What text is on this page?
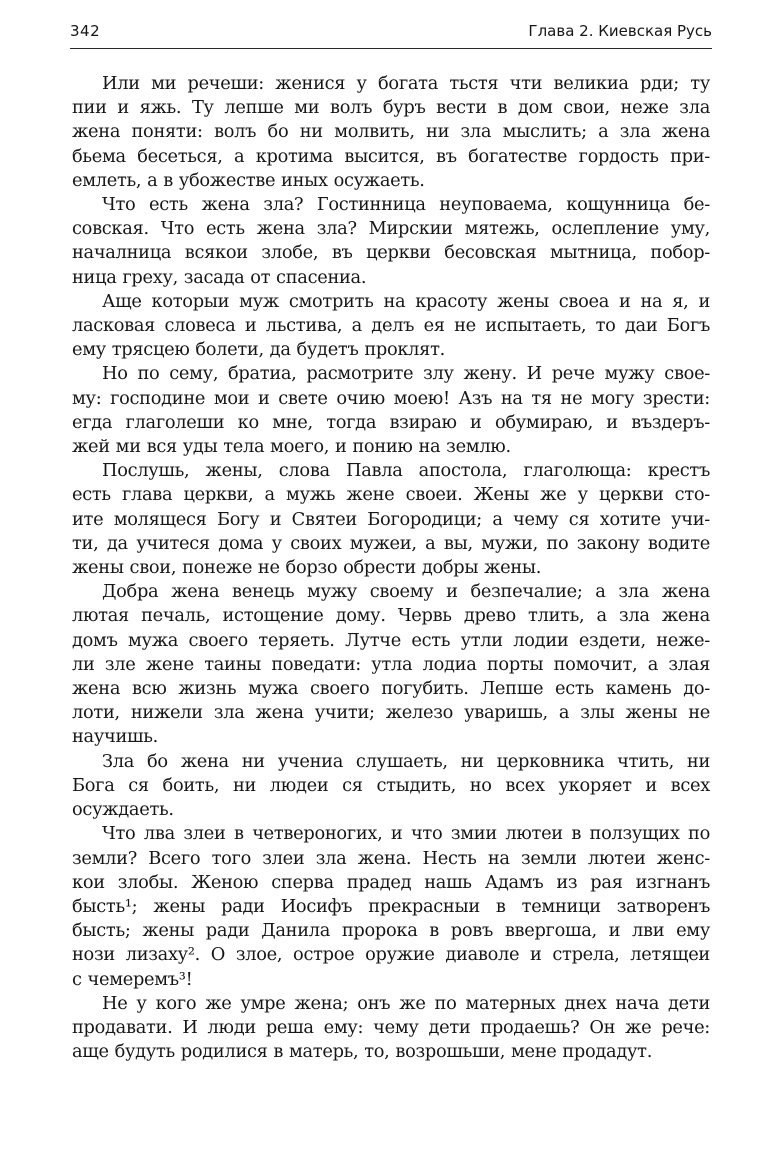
342	Глава 2. Киевская Русь
Или ми речеши: женися у богата тьстя чти великиа рди; ту
пии и яжь. Ту лепше ми волъ буръ вести в дом свои, неже зла
жена поняти: волъ бо ни молвить, ни зла мыслить; а зла жена
бьема бесеться, а кротима высится, въ богатестве гордость при-
емлеть, а в убожестве иных осужаеть.
Что есть жена зла? Гостинница неуповаема, кощунница бе-
совская. Что есть жена зла? Мирскии мятежь, ослепление уму,
началница всякои злобе, въ церкви бесовская мытница, побор-
ница греху, засада от спасениа.
Аще которыи муж смотрить на красоту жены своеа и на я, и
ласковая словеса и льстива, а делъ ея не испытаеть, то даи Богъ
ему трясцею болети, да будетъ проклят.
Но по сему, братиа, расмотрите злу жену. И рече мужу свое-
му: господине мои и свете очию моею! Азъ на тя не могу зрести:
егда глаголеши ко мне, тогда взираю и обумираю, и въздеръ-
жей ми вся уды тела моего, и понию на землю.
Послушь, жены, слова Павла апостола, глаголюща: крестъ
есть глава церкви, а мужь жене своеи. Жены же у церкви сто-
ите молящеся Богу и Святеи Богородици; а чему ся хотите учи-
ти, да учитеся дома у своих мужеи, а вы, мужи, по закону водите
жены свои, понеже не борзо обрести добры жены.
Добра жена венець мужу своему и безпечалие; а зла жена
лютая печаль, истощение дому. Червь древо тлить, а зла жена
домъ мужа своего теряеть. Лутче есть утли лодии ездети, неже-
ли зле жене таины поведати: утла лодиа порты помочит, а злая
жена всю жизнь мужа своего погубить. Лепше есть камень до-
лоти, нижели зла жена учити; железо уваришь, а злы жены не
научишь.
Зла бо жена ни учениа слушаеть, ни церковника чтить, ни
Бога ся боить, ни людеи ся стыдить, но всех укоряет и всех
осуждаеть.
Что лва злеи в четвероногих, и что змии лютеи в ползущих по
земли? Всего того злеи зла жена. Несть на земли лютеи женс-
кои злобы. Женою сперва прадед нашь Адамъ из рая изгнанъ
бысть¹; жены ради Иосифъ прекрасныи в темници затворенъ
бысть; жены ради Данила пророка в ровъ ввергоша, и лви ему
нози лизаху². О злое, острое оружие диаволе и стрела, летящеи
с чемеремъ³!
Не у кого же умре жена; онъ же по матерных днех нача дети
продавати. И люди реша ему: чему дети продаешь? Он же рече:
аще будуть родилися в матерь, то, возрошьши, мене продадут.
